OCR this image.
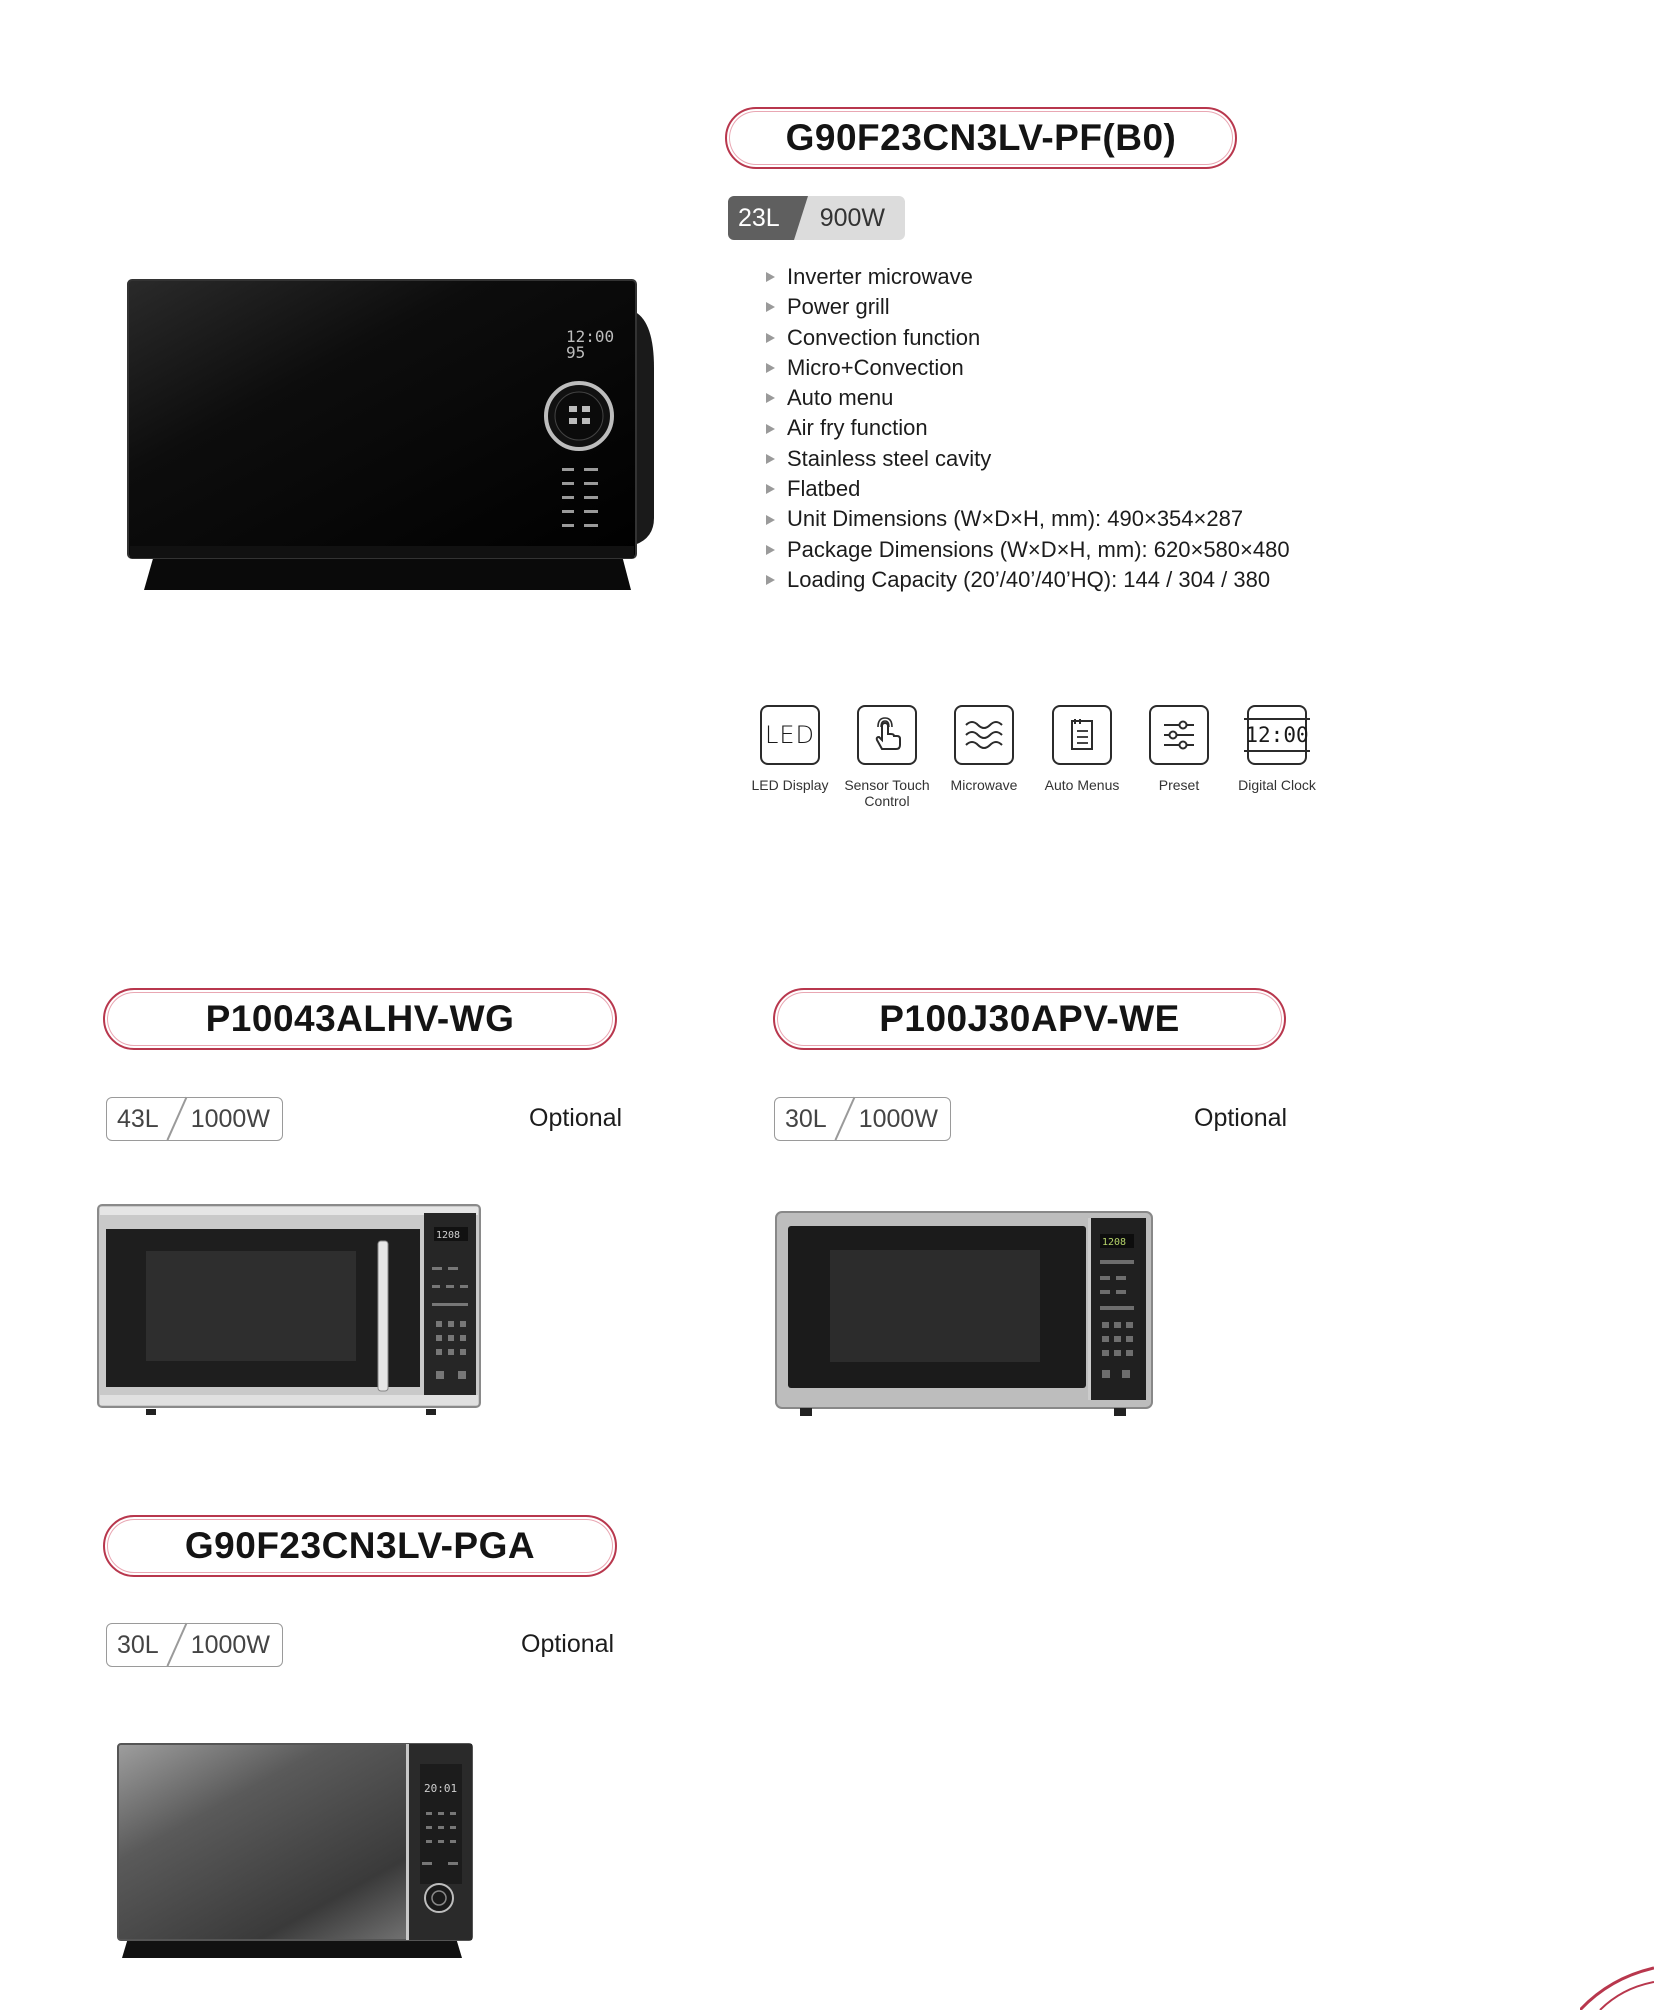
G90F23CN3LV-PF(B0)
23L	900W
Inverter microwave
Power grill
Convection function
Micro+Convection
Auto menu
Air fry function
Stainless steel cavity
Flatbed
Unit Dimensions (W×D×H, mm): 490×354×287
Package Dimensions (W×D×H, mm): 620×580×480
Loading Capacity (20’/40’/40’HQ): 144 / 304 / 380
12:00 95
LED
LED Display	Sensor Touch Control
Microwave	Auto Menus	Preset
12:00
Digital Clock
P10043ALHV-WG
43L	1000W	Optional
1208
P100J30APV-WE
30L	1000W	Optional
1208
G90F23CN3LV-PGA
30L	1000W	Optional
20:01
